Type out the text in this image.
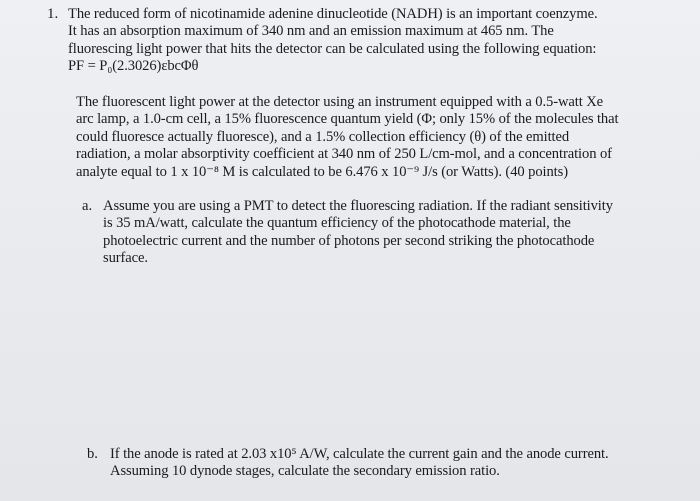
1. The reduced form of nicotinamide adenine dinucleotide (NADH) is an important coenzyme.
It has an absorption maximum of 340 nm and an emission maximum at 465 nm. The
fluorescing light power that hits the detector can be calculated using the following equation:
PF = P₀(2.3026)εbcΦθ
The fluorescent light power at the detector using an instrument equipped with a 0.5-watt Xe
arc lamp, a 1.0-cm cell, a 15% fluorescence quantum yield (Φ; only 15% of the molecules that
could fluoresce actually fluoresce), and a 1.5% collection efficiency (θ) of the emitted
radiation, a molar absorptivity coefficient at 340 nm of 250 L/cm-mol, and a concentration of
analyte equal to 1 x 10⁻⁸ M is calculated to be 6.476 x 10⁻⁹ J/s (or Watts). (40 points)
a. Assume you are using a PMT to detect the fluorescing radiation. If the radiant sensitivity
is 35 mA/watt, calculate the quantum efficiency of the photocathode material, the
photoelectric current and the number of photons per second striking the photocathode
surface.
b. If the anode is rated at 2.03 x10⁵ A/W, calculate the current gain and the anode current.
Assuming 10 dynode stages, calculate the secondary emission ratio.
